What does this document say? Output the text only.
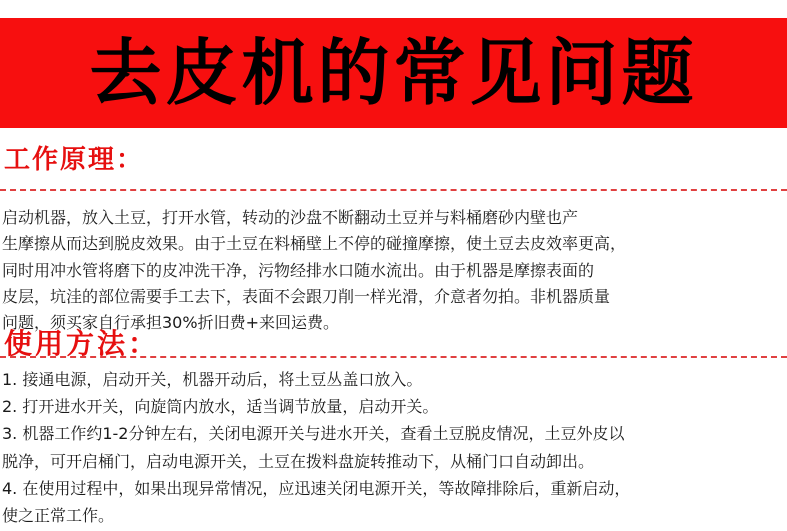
去皮机的常见问题
工作原理：
启动机器，放入土豆，打开水管，转动的沙盘不断翻动土豆并与料桶磨砂内壁也产
生摩擦从而达到脱皮效果。由于土豆在料桶壁上不停的碰撞摩擦，使土豆去皮效率更高，
同时用冲水管将磨下的皮冲洗干净，污物经排水口随水流出。由于机器是摩擦表面的
皮层，坑洼的部位需要手工去下，表面不会跟刀削一样光滑，介意者勿拍。非机器质量
问题，须买家自行承担30%折旧费+来回运费。
使用方法：
1. 接通电源，启动开关，机器开动后，将土豆丛盖口放入。
2. 打开进水开关，向旋筒内放水，适当调节放量，启动开关。
3. 机器工作约1-2分钟左右，关闭电源开关与进水开关，查看土豆脱皮情况，土豆外皮以
脱净，可开启桶门，启动电源开关，土豆在拨料盘旋转推动下，从桶门口自动卸出。
4. 在使用过程中，如果出现异常情况，应迅速关闭电源开关，等故障排除后，重新启动，
使之正常工作。
